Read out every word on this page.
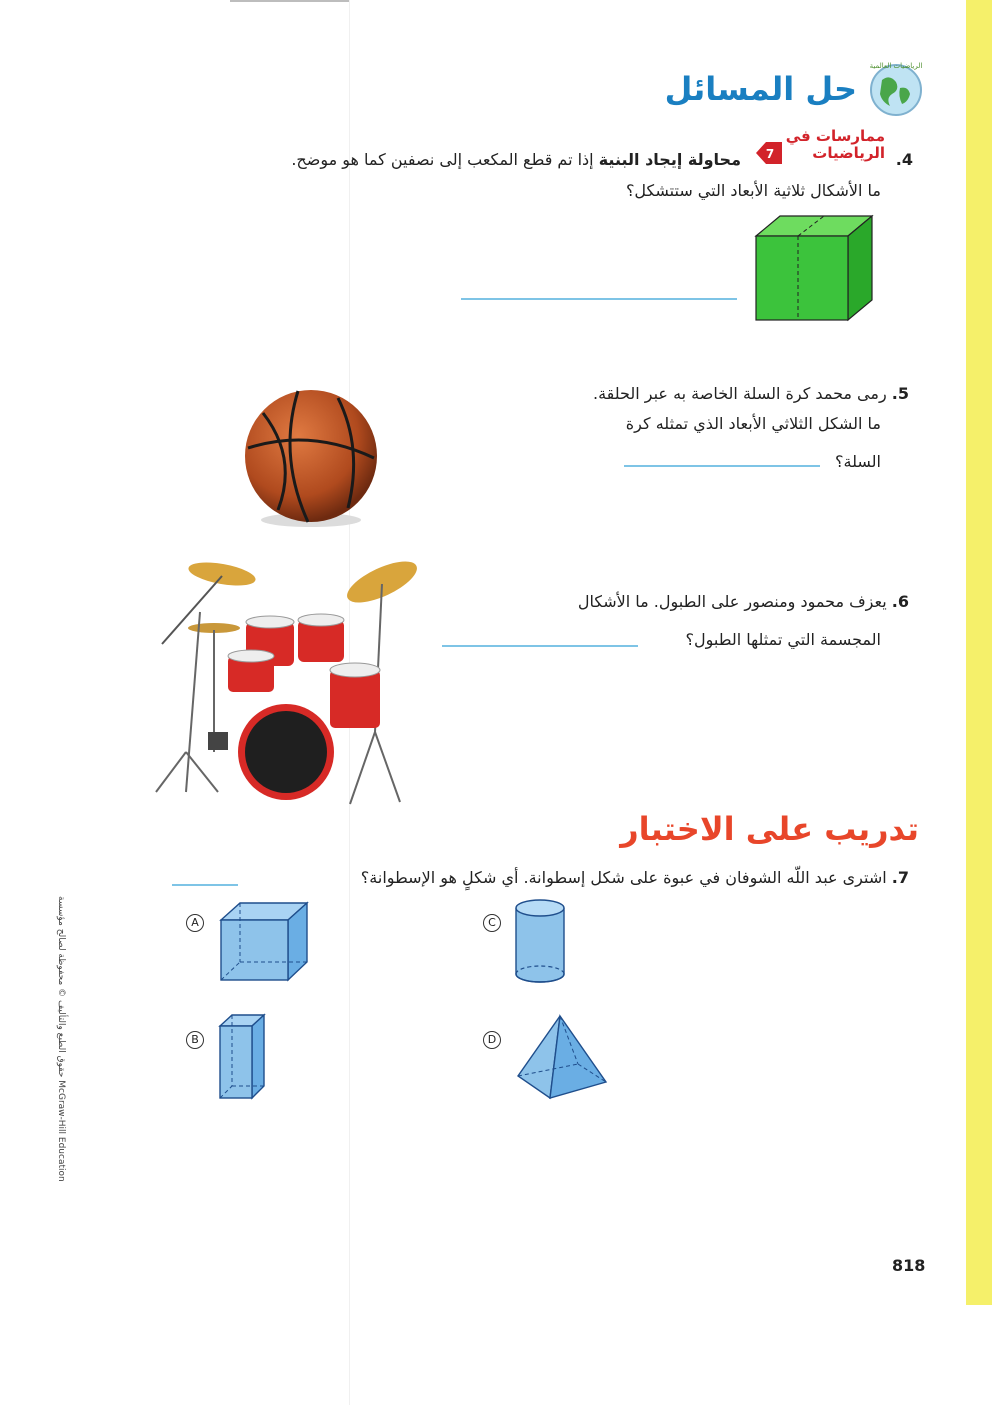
حل المسائل
الرياضيات العالمية
4.
ممارسات في
الرياضيات
7
محاولة إيجاد البنية إذا تم قطع المكعب إلى نصفين كما هو موضح.
ما الأشكال ثلاثية الأبعاد التي ستتشكل؟
5. رمى محمد كرة السلة الخاصة به عبر الحلقة.
ما الشكل الثلاثي الأبعاد الذي تمثله كرة
السلة؟
6. يعزف محمود ومنصور على الطبول. ما الأشكال
المجسمة التي تمثلها الطبول؟
تدريب على الاختبار
7. اشترى عبد اللّه الشوفان في عبوة على شكل إسطوانة. أي شكلٍ هو الإسطوانة؟
A	C
B	D
حقوق الطبع والتأليف © محفوظة لصالح مؤسسة McGraw-Hill Education
818
